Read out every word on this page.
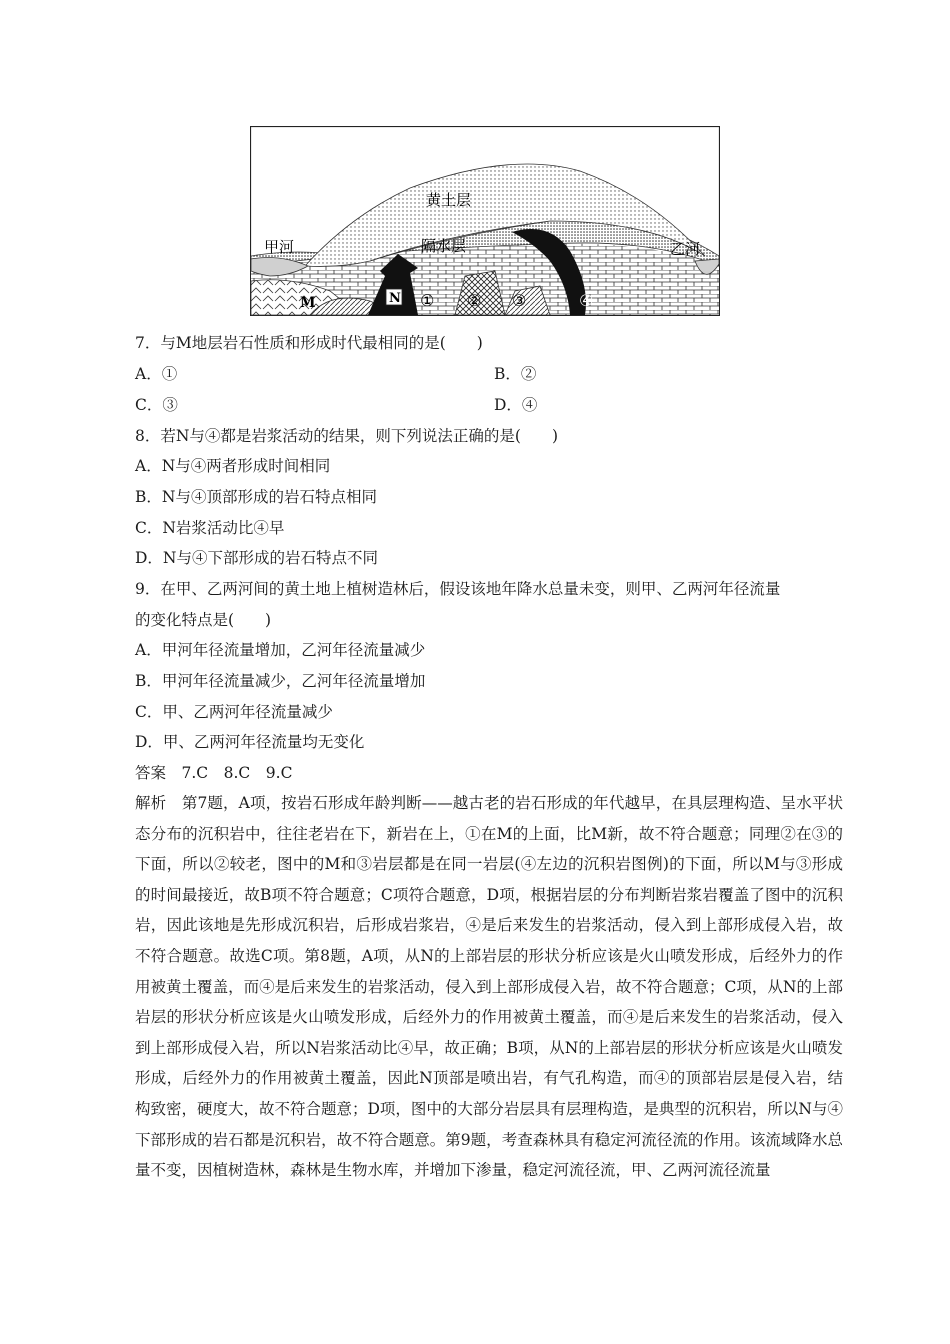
黄土层
隔水层
甲河	乙河
M	N ① ② ③	④
7．与M地层岩石性质和形成时代最相同的是(　　)
A．①	B．②
C．③	D．④
8．若N与④都是岩浆活动的结果，则下列说法正确的是(　　)
A．N与④两者形成时间相同
B．N与④顶部形成的岩石特点相同
C．N岩浆活动比④早
D．N与④下部形成的岩石特点不同
9．在甲、乙两河间的黄土地上植树造林后，假设该地年降水总量未变，则甲、乙两河年径流量
的变化特点是(　　)
A．甲河年径流量增加，乙河年径流量减少
B．甲河年径流量减少，乙河年径流量增加
C．甲、乙两河年径流量减少
D．甲、乙两河年径流量均无变化
答案　7.C　8.C　9.C
解析　第7题，A项，按岩石形成年龄判断——越古老的岩石形成的年代越早，在具层理构造、呈水平状态分布的沉积岩中，往往老岩在下，新岩在上，①在M的上面，比M新，故不符合题意；同理②在③的下面，所以②较老，图中的M和③岩层都是在同一岩层(④左边的沉积岩图例)的下面，所以M与③形成的时间最接近，故B项不符合题意；C项符合题意，D项，根据岩层的分布判断岩浆岩覆盖了图中的沉积岩，因此该地是先形成沉积岩，后形成岩浆岩，④是后来发生的岩浆活动，侵入到上部形成侵入岩，故不符合题意。故选C项。第8题，A项，从N的上部岩层的形状分析应该是火山喷发形成，后经外力的作用被黄土覆盖，而④是后来发生的岩浆活动，侵入到上部形成侵入岩，故不符合题意；C项，从N的上部岩层的形状分析应该是火山喷发形成，后经外力的作用被黄土覆盖，而④是后来发生的岩浆活动，侵入到上部形成侵入岩，所以N岩浆活动比④早，故正确；B项，从N的上部岩层的形状分析应该是火山喷发形成，后经外力的作用被黄土覆盖，因此N顶部是喷出岩，有气孔构造，而④的顶部岩层是侵入岩，结构致密，硬度大，故不符合题意；D项，图中的大部分岩层具有层理构造，是典型的沉积岩，所以N与④下部形成的岩石都是沉积岩，故不符合题意。第9题，考查森林具有稳定河流径流的作用。该流域降水总量不变，因植树造林，森林是生物水库，并增加下渗量，稳定河流径流，甲、乙两河流径流量
